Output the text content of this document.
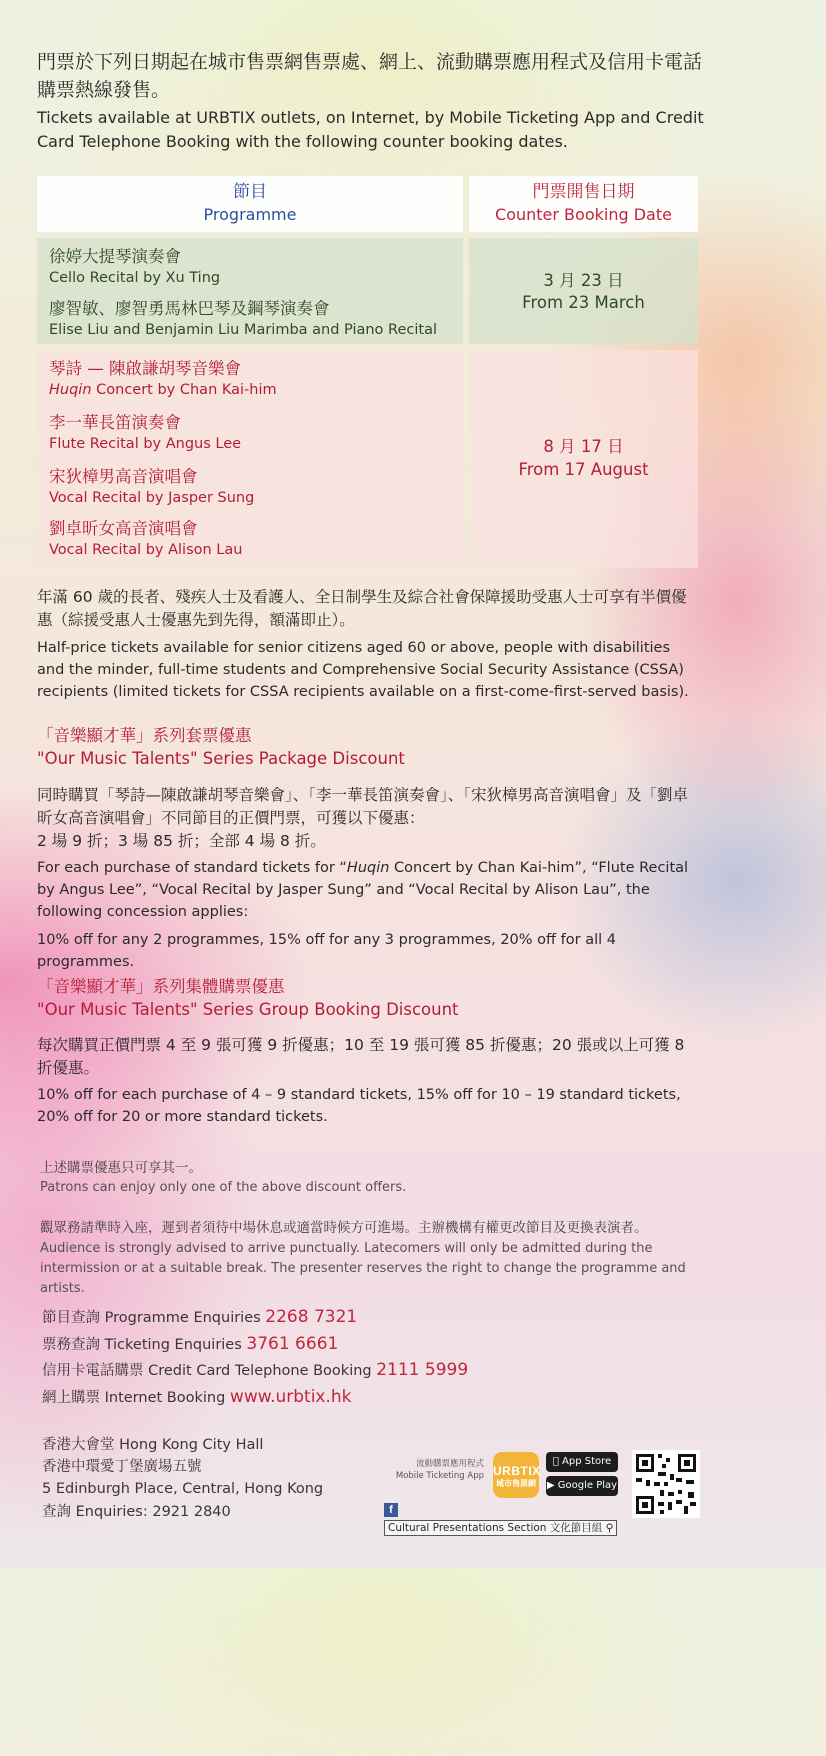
門票於下列日期起在城市售票網售票處、網上、流動購票應用程式及信用卡電話購票熱線發售。
Tickets available at URBTIX outlets, on Internet, by Mobile Ticketing App and Credit Card Telephone Booking with the following counter booking dates.
節目
Programme
門票開售日期
Counter Booking Date
徐婷大提琴演奏會
Cello Recital by Xu Ting
廖智敏、廖智勇馬林巴琴及鋼琴演奏會
Elise Liu and Benjamin Liu Marimba and Piano Recital
3 月 23 日
From 23 March
琴詩 — 陳啟謙胡琴音樂會
Huqin Concert by Chan Kai-him
李一華長笛演奏會
Flute Recital by Angus Lee
宋狄樟男高音演唱會
Vocal Recital by Jasper Sung
劉卓昕女高音演唱會
Vocal Recital by Alison Lau
8 月 17 日
From 17 August
年滿 60 歲的長者、殘疾人士及看護人、全日制學生及綜合社會保障援助受惠人士可享有半價優惠（綜援受惠人士優惠先到先得，額滿即止）。
Half-price tickets available for senior citizens aged 60 or above, people with disabilities and the minder, full-time students and Comprehensive Social Security Assistance (CSSA) recipients (limited tickets for CSSA recipients available on a first-come-first-served basis).
「音樂顯才華」系列套票優惠
"Our Music Talents" Series Package Discount
同時購買「琴詩—陳啟謙胡琴音樂會」、「李一華長笛演奏會」、「宋狄樟男高音演唱會」及「劉卓昕女高音演唱會」不同節目的正價門票，可獲以下優惠：
2 場 9 折；3 場 85 折；全部 4 場 8 折。
For each purchase of standard tickets for “Huqin Concert by Chan Kai-him”, “Flute Recital by Angus Lee”, “Vocal Recital by Jasper Sung” and “Vocal Recital by Alison Lau”, the following concession applies:
10% off for any 2 programmes, 15% off for any 3 programmes, 20% off for all 4 programmes.
「音樂顯才華」系列集體購票優惠
"Our Music Talents" Series Group Booking Discount
每次購買正價門票 4 至 9 張可獲 9 折優惠；10 至 19 張可獲 85 折優惠；20 張或以上可獲 8 折優惠。
10% off for each purchase of 4 – 9 standard tickets, 15% off for 10 – 19 standard tickets, 20% off for 20 or more standard tickets.
上述購票優惠只可享其一。
Patrons can enjoy only one of the above discount offers.
觀眾務請準時入座，遲到者須待中場休息或適當時候方可進場。主辦機構有權更改節目及更換表演者。
Audience is strongly advised to arrive punctually. Latecomers will only be admitted during the intermission or at a suitable break. The presenter reserves the right to change the programme and artists.
節目查詢 Programme Enquiries 2268 7321
票務查詢 Ticketing Enquiries 3761 6661
信用卡電話購票 Credit Card Telephone Booking 2111 5999
網上購票 Internet Booking www.urbtix.hk
香港大會堂 Hong Kong City Hall
香港中環愛丁堡廣場五號
5 Edinburgh Place, Central, Hong Kong
查詢 Enquiries: 2921 2840
流動購票應用程式
Mobile Ticketing App URBTIX
城市售票網
App Store
▶ Google Play
f Cultural Presentations Section 文化節目組 ⚲
